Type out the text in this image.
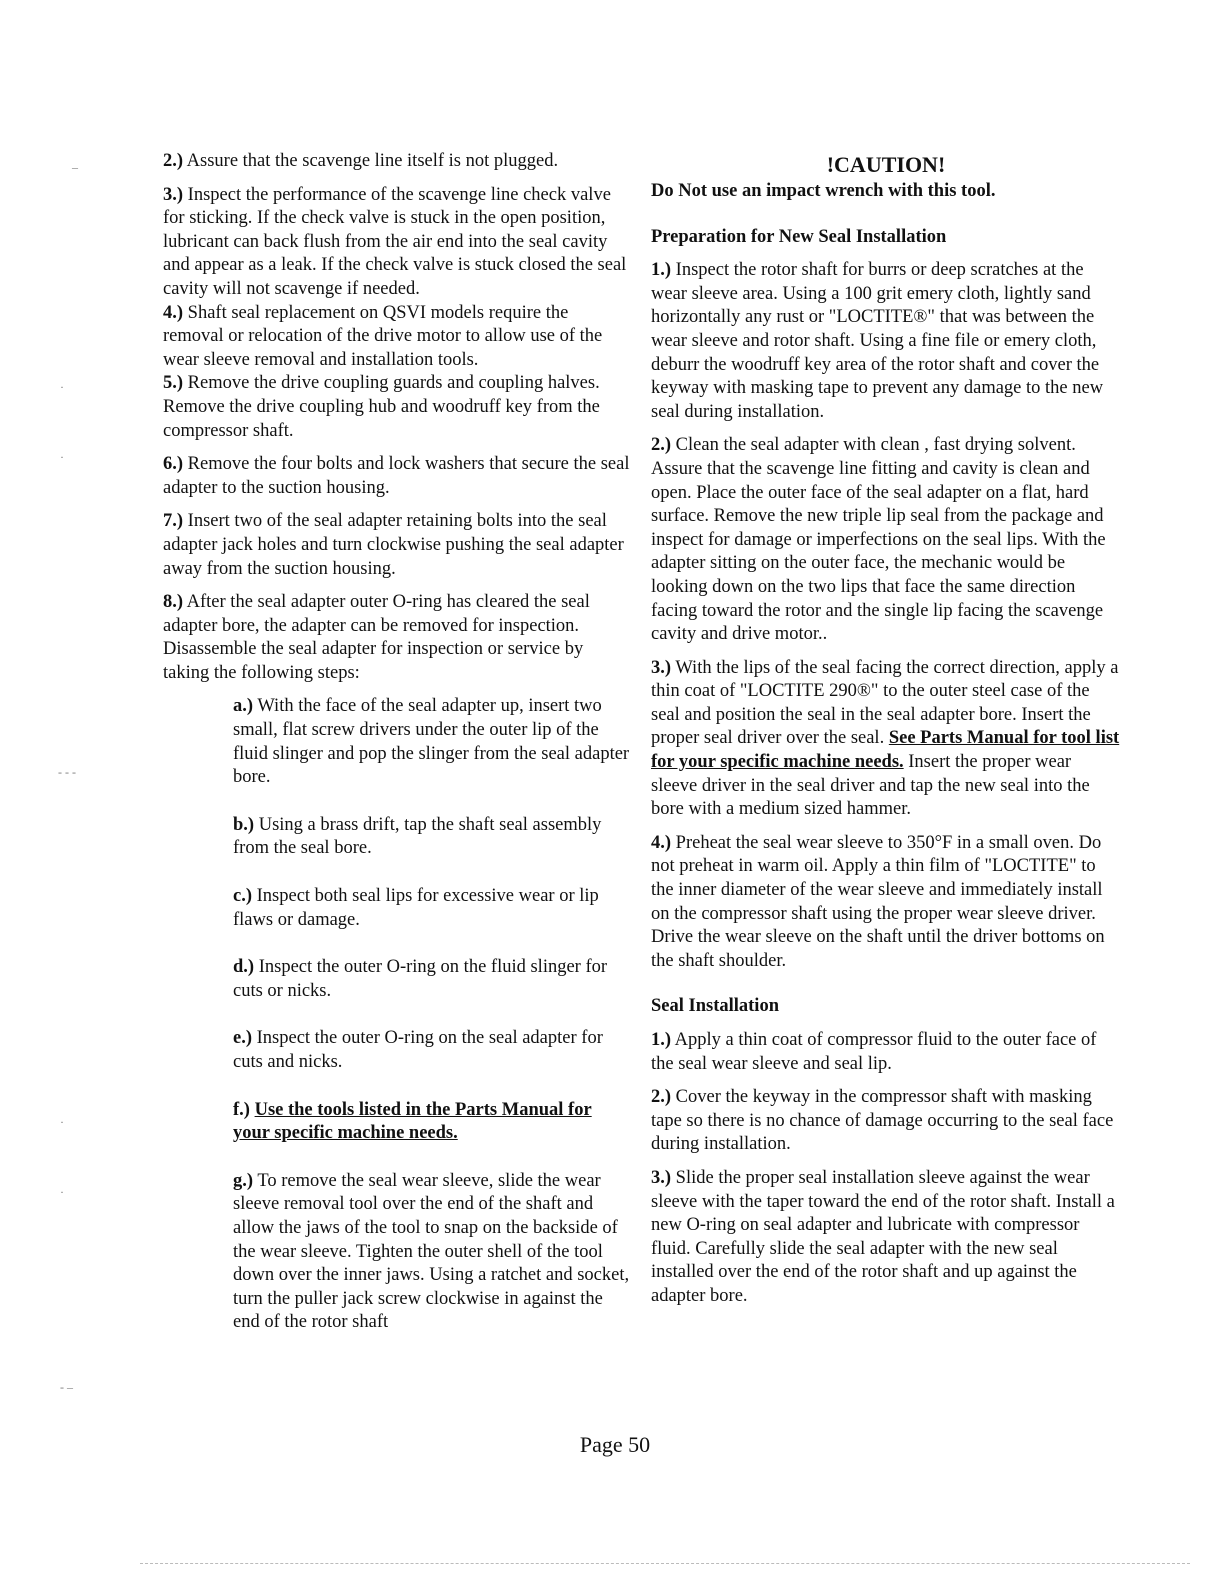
2.) Assure that the scavenge line itself is not plugged.

3.) Inspect the performance of the scavenge line check valve for sticking. If the check valve is stuck in the open position, lubricant can back flush from the air end into the seal cavity and appear as a leak. If the check valve is stuck closed the seal cavity will not scavenge if needed.

4.) Shaft seal replacement on QSVI models require the removal or relocation of the drive motor to allow use of the wear sleeve removal and installation tools.

5.) Remove the drive coupling guards and coupling halves. Remove the drive coupling hub and woodruff key from the compressor shaft.

6.) Remove the four bolts and lock washers that secure the seal adapter to the suction housing.

7.) Insert two of the seal adapter retaining bolts into the seal adapter jack holes and turn clockwise pushing the seal adapter away from the suction housing.

8.) After the seal adapter outer O-ring has cleared the seal adapter bore, the adapter can be removed for inspection. Disassemble the seal adapter for inspection or service by taking the following steps:

a.) With the face of the seal adapter up, insert two small, flat screw drivers under the outer lip of the fluid slinger and pop the slinger from the seal adapter bore.

b.) Using a brass drift, tap the shaft seal assembly from the seal bore.

c.) Inspect both seal lips for excessive wear or lip flaws or damage.

d.) Inspect the outer O-ring on the fluid slinger for cuts or nicks.

e.) Inspect the outer O-ring on the seal adapter for cuts and nicks.

f.) Use the tools listed in the Parts Manual for your specific machine needs.

g.) To remove the seal wear sleeve, slide the wear sleeve removal tool over the end of the shaft and allow the jaws of the tool to snap on the backside of the wear sleeve. Tighten the outer shell of the tool down over the inner jaws. Using a ratchet and socket, turn the puller jack screw clockwise in against the end of the rotor shaft

!CAUTION!

Do Not use an impact wrench with this tool.

Preparation for New Seal Installation

1.) Inspect the rotor shaft for burrs or deep scratches at the wear sleeve area. Using a 100 grit emery cloth, lightly sand horizontally any rust or "LOCTITE®" that was between the wear sleeve and rotor shaft. Using a fine file or emery cloth, deburr the woodruff key area of the rotor shaft and cover the keyway with masking tape to prevent any damage to the new seal during installation.

2.) Clean the seal adapter with clean , fast drying solvent. Assure that the scavenge line fitting and cavity is clean and open. Place the outer face of the seal adapter on a flat, hard surface. Remove the new triple lip seal from the package and inspect for damage or imperfections on the seal lips. With the adapter sitting on the outer face, the mechanic would be looking down on the two lips that face the same direction facing toward the rotor and the single lip facing the scavenge cavity and drive motor..

3.) With the lips of the seal facing the correct direction, apply a thin coat of "LOCTITE 290®" to the outer steel case of the seal and position the seal in the seal adapter bore. Insert the proper seal driver over the seal. See Parts Manual for tool list for your specific machine needs. Insert the proper wear sleeve driver in the seal driver and tap the new seal into the bore with a medium sized hammer.

4.) Preheat the seal wear sleeve to 350°F in a small oven. Do not preheat in warm oil. Apply a thin film of "LOCTITE" to the inner diameter of the wear sleeve and immediately install on the compressor shaft using the proper wear sleeve driver. Drive the wear sleeve on the shaft until the driver bottoms on the shaft shoulder.

Seal Installation

1.) Apply a thin coat of compressor fluid to the outer face of the seal wear sleeve and seal lip.

2.) Cover the keyway in the compressor shaft with masking tape so there is no chance of damage occurring to the seal face during installation.

3.) Slide the proper seal installation sleeve against the wear sleeve with the taper toward the end of the rotor shaft. Install a new O-ring on seal adapter and lubricate with compressor fluid. Carefully slide the seal adapter with the new seal installed over the end of the rotor shaft and up against the adapter bore.

Page 50
–
·
·
- - -
·
·
- –
